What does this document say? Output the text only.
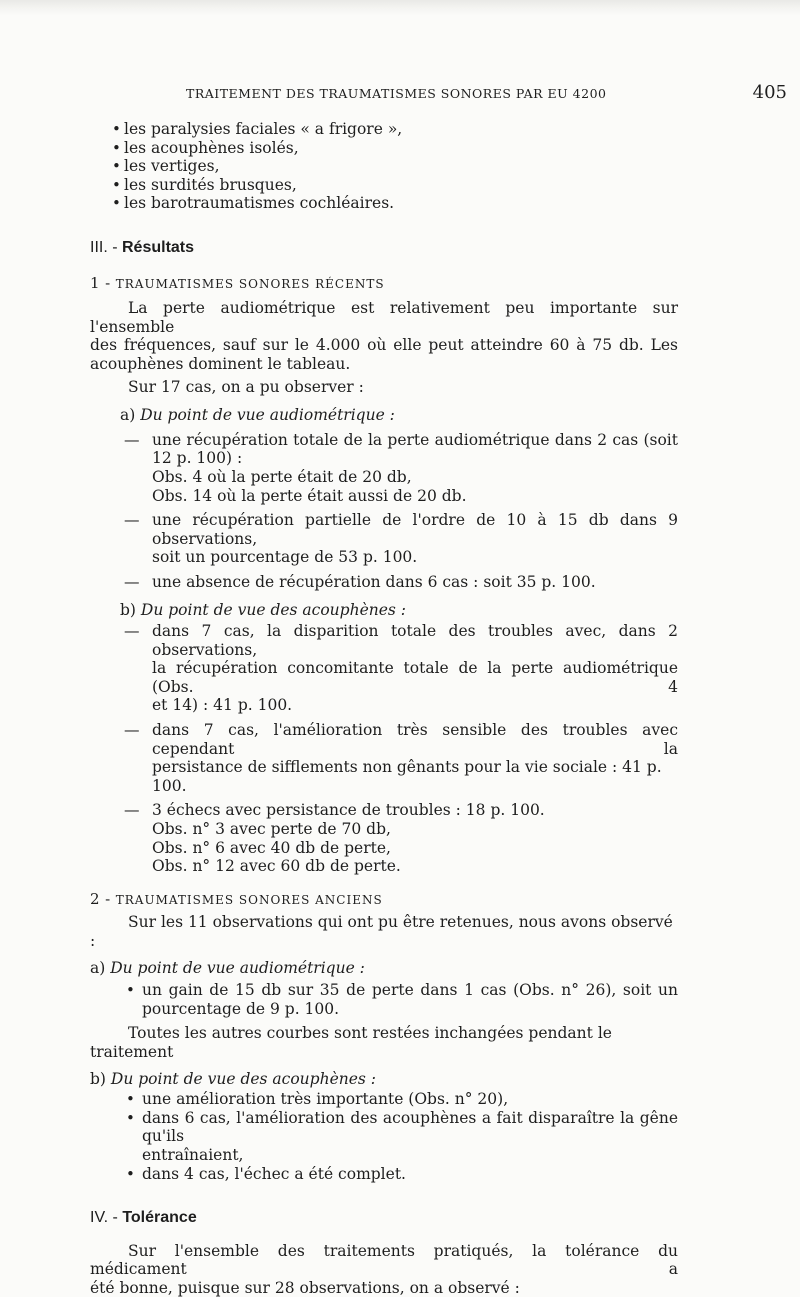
TRAITEMENT DES TRAUMATISMES SONORES PAR EU 4200	405

• les paralysies faciales « a frigore »,

• les acouphènes isolés,

• les vertiges,

• les surdités brusques,

• les barotraumatismes cochléaires.

III. - Résultats

1 - TRAUMATISMES SONORES RÉCENTS

La perte audiométrique est relativement peu importante sur l'ensemble

des fréquences, sauf sur le 4.000 où elle peut atteindre 60 à 75 db. Les

acouphènes dominent le tableau.

Sur 17 cas, on a pu observer :

a) Du point de vue audiométrique :

— une récupération totale de la perte audiométrique dans 2 cas (soit

12 p. 100) :

Obs. 4 où la perte était de 20 db,

Obs. 14 où la perte était aussi de 20 db.

— une récupération partielle de l'ordre de 10 à 15 db dans 9 observations,

soit un pourcentage de 53 p. 100.

— une absence de récupération dans 6 cas : soit 35 p. 100.

b) Du point de vue des acouphènes :

— dans 7 cas, la disparition totale des troubles avec, dans 2 observations,

la récupération concomitante totale de la perte audiométrique (Obs. 4

et 14) : 41 p. 100.

— dans 7 cas, l'amélioration très sensible des troubles avec cependant la

persistance de sifflements non gênants pour la vie sociale : 41 p. 100.

— 3 échecs avec persistance de troubles : 18 p. 100.

Obs. n° 3 avec perte de 70 db,

Obs. n° 6 avec 40 db de perte,

Obs. n° 12 avec 60 db de perte.

2 - TRAUMATISMES SONORES ANCIENS

Sur les 11 observations qui ont pu être retenues, nous avons observé :

a) Du point de vue audiométrique :

• un gain de 15 db sur 35 de perte dans 1 cas (Obs. n° 26), soit un

pourcentage de 9 p. 100.

Toutes les autres courbes sont restées inchangées pendant le traitement

b) Du point de vue des acouphènes :

• une amélioration très importante (Obs. n° 20),

• dans 6 cas, l'amélioration des acouphènes a fait disparaître la gêne qu'ils

entraînaient,

• dans 4 cas, l'échec a été complet.

IV. - Tolérance

Sur l'ensemble des traitements pratiqués, la tolérance du médicament a

été bonne, puisque sur 28 observations, on a observé :
